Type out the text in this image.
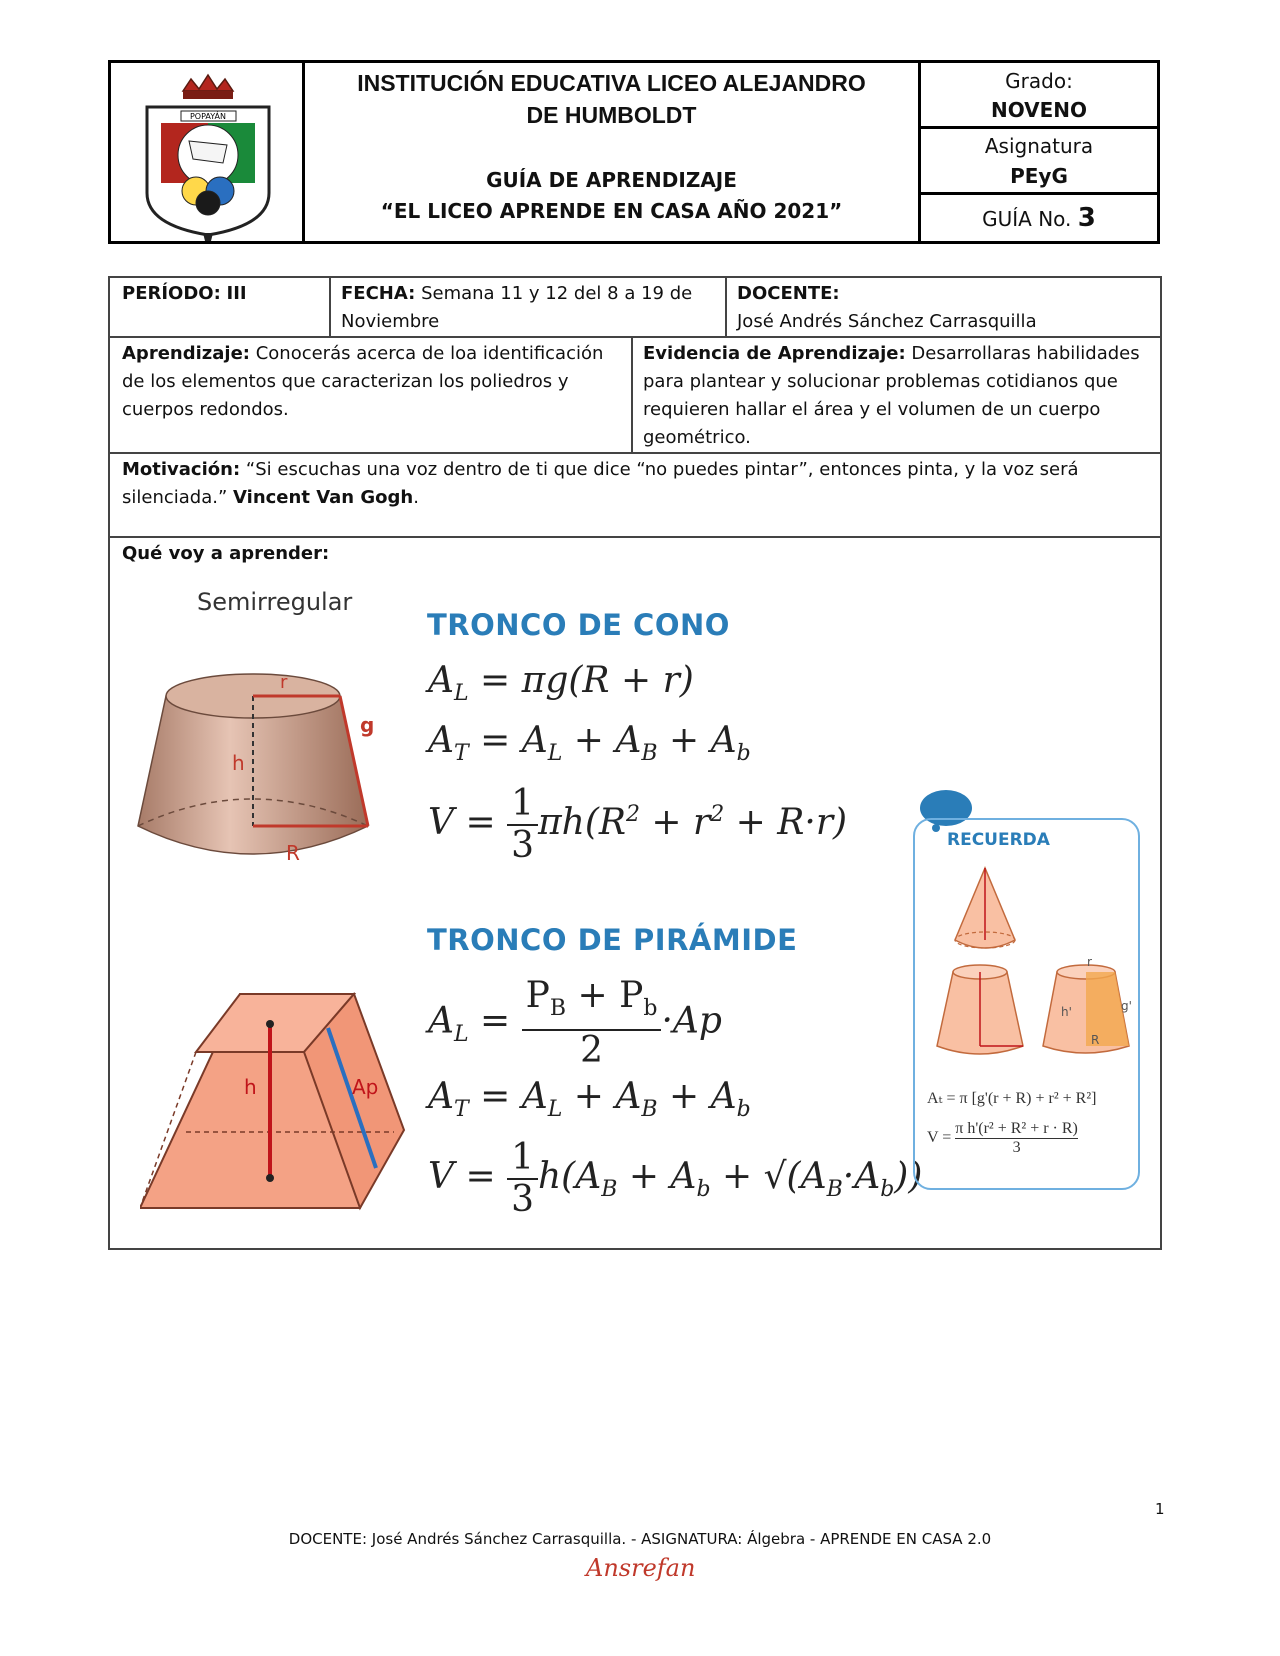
POPAYÁN
INSTITUCIÓN EDUCATIVA LICEO ALEJANDRO
DE HUMBOLDT
GUÍA DE APRENDIZAJE
“EL LICEO APRENDE EN CASA AÑO 2021”
Grado:
NOVENO
Asignatura
PEyG
GUÍA No. 3
PERÍODO: III	FECHA: Semana 11 y 12 del 8 a 19 de Noviembre
DOCENTE:
José Andrés Sánchez Carrasquilla
Aprendizaje: Conocerás acerca de loa identificación de los elementos que caracterizan los poliedros y cuerpos redondos.
Evidencia de Aprendizaje: Desarrollaras habilidades para plantear y solucionar problemas cotidianos que requieren hallar el área y el volumen de un cuerpo geométrico.
Motivación: “Si escuchas una voz dentro de ti que dice “no puedes pintar”, entonces pinta, y la voz será silenciada.” Vincent Van Gogh.
Qué voy a aprender:
Semirregular
r
g
h
R
TRONCO DE CONO
$A_L = \pi g(R + r)$
$A_T = A_L + A_B + A_b$
$V = \frac{1}{3} \pi h(R^2 + r^2 + R\cdot r)$
TRONCO DE PIRÁMIDE
h	Ap
$A_L = \frac{P_B + P_b}{2} \cdot Ap$
$A_T = A_L + A_B + A_b$
$V = \frac{1}{3} h(A_B + A_b + √(A_B\cdot A_b))$
RECUERDA
r
h'	g'
R
Aₜ = π [g'(r + R) + r² + R²]
$V = \frac{\text{π h'(r² + R² + r · R)}}{3}$
1
DOCENTE: José Andrés Sánchez Carrasquilla. - ASIGNATURA: Álgebra - APRENDE EN CASA 2.0
Ansrefan
